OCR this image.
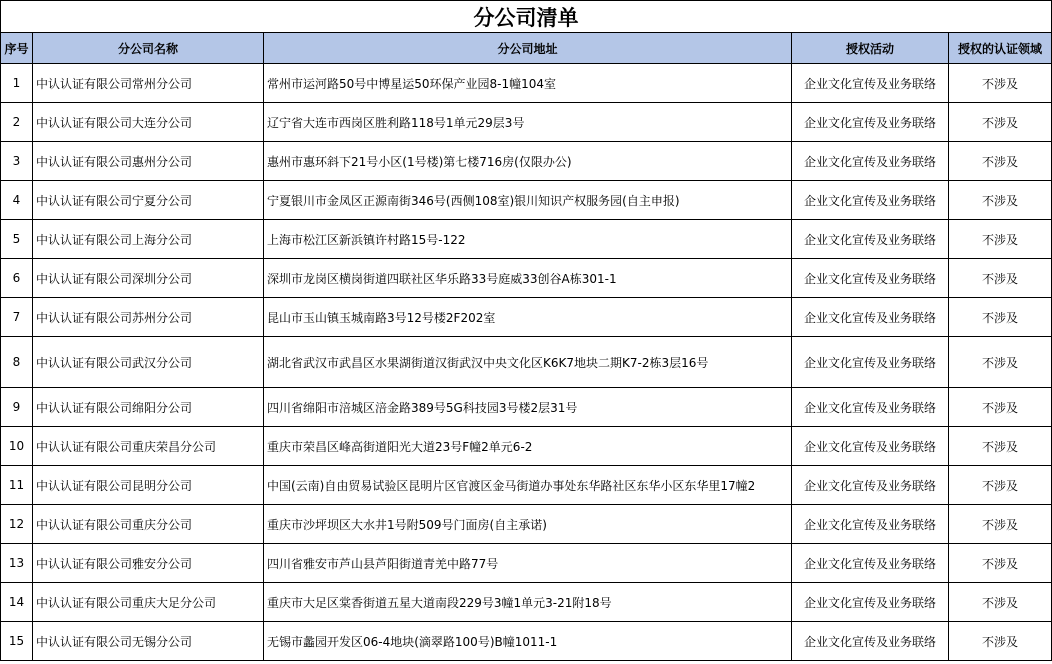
分公司清单				
序号	分公司名称	分公司地址	授权活动	授权的认证领域
1	中认认证有限公司常州分公司	常州市运河路50号中博星运50环保产业园8-1幢104室	企业文化宣传及业务联络	不涉及
2	中认认证有限公司大连分公司	辽宁省大连市西岗区胜利路118号1单元29层3号	企业文化宣传及业务联络	不涉及
3	中认认证有限公司惠州分公司	惠州市惠环斜下21号小区(1号楼)第七楼716房(仅限办公)	企业文化宣传及业务联络	不涉及
4	中认认证有限公司宁夏分公司	宁夏银川市金凤区正源南街346号(西侧108室)银川知识产权服务园(自主申报)	企业文化宣传及业务联络	不涉及
5	中认认证有限公司上海分公司	上海市松江区新浜镇许村路15号-122	企业文化宣传及业务联络	不涉及
6	中认认证有限公司深圳分公司	深圳市龙岗区横岗街道四联社区华乐路33号庭威33创谷A栋301-1	企业文化宣传及业务联络	不涉及
7	中认认证有限公司苏州分公司	昆山市玉山镇玉城南路3号12号楼2F202室	企业文化宣传及业务联络	不涉及
8	中认认证有限公司武汉分公司	湖北省武汉市武昌区水果湖街道汉街武汉中央文化区K6K7地块二期K7-2栋3层16号	企业文化宣传及业务联络	不涉及
9	中认认证有限公司绵阳分公司	四川省绵阳市涪城区涪金路389号5G科技园3号楼2层31号	企业文化宣传及业务联络	不涉及
10	中认认证有限公司重庆荣昌分公司	重庆市荣昌区峰高街道阳光大道23号F幢2单元6-2	企业文化宣传及业务联络	不涉及
11	中认认证有限公司昆明分公司	中国(云南)自由贸易试验区昆明片区官渡区金马街道办事处东华路社区东华小区东华里17幢2	企业文化宣传及业务联络	不涉及
12	中认认证有限公司重庆分公司	重庆市沙坪坝区大水井1号附509号门面房(自主承诺)	企业文化宣传及业务联络	不涉及
13	中认认证有限公司雅安分公司	四川省雅安市芦山县芦阳街道青羌中路77号	企业文化宣传及业务联络	不涉及
14	中认认证有限公司重庆大足分公司	重庆市大足区棠香街道五星大道南段229号3幢1单元3-21附18号	企业文化宣传及业务联络	不涉及
15	中认认证有限公司无锡分公司	无锡市蠡园开发区06-4地块(滴翠路100号)B幢1011-1	企业文化宣传及业务联络	不涉及
